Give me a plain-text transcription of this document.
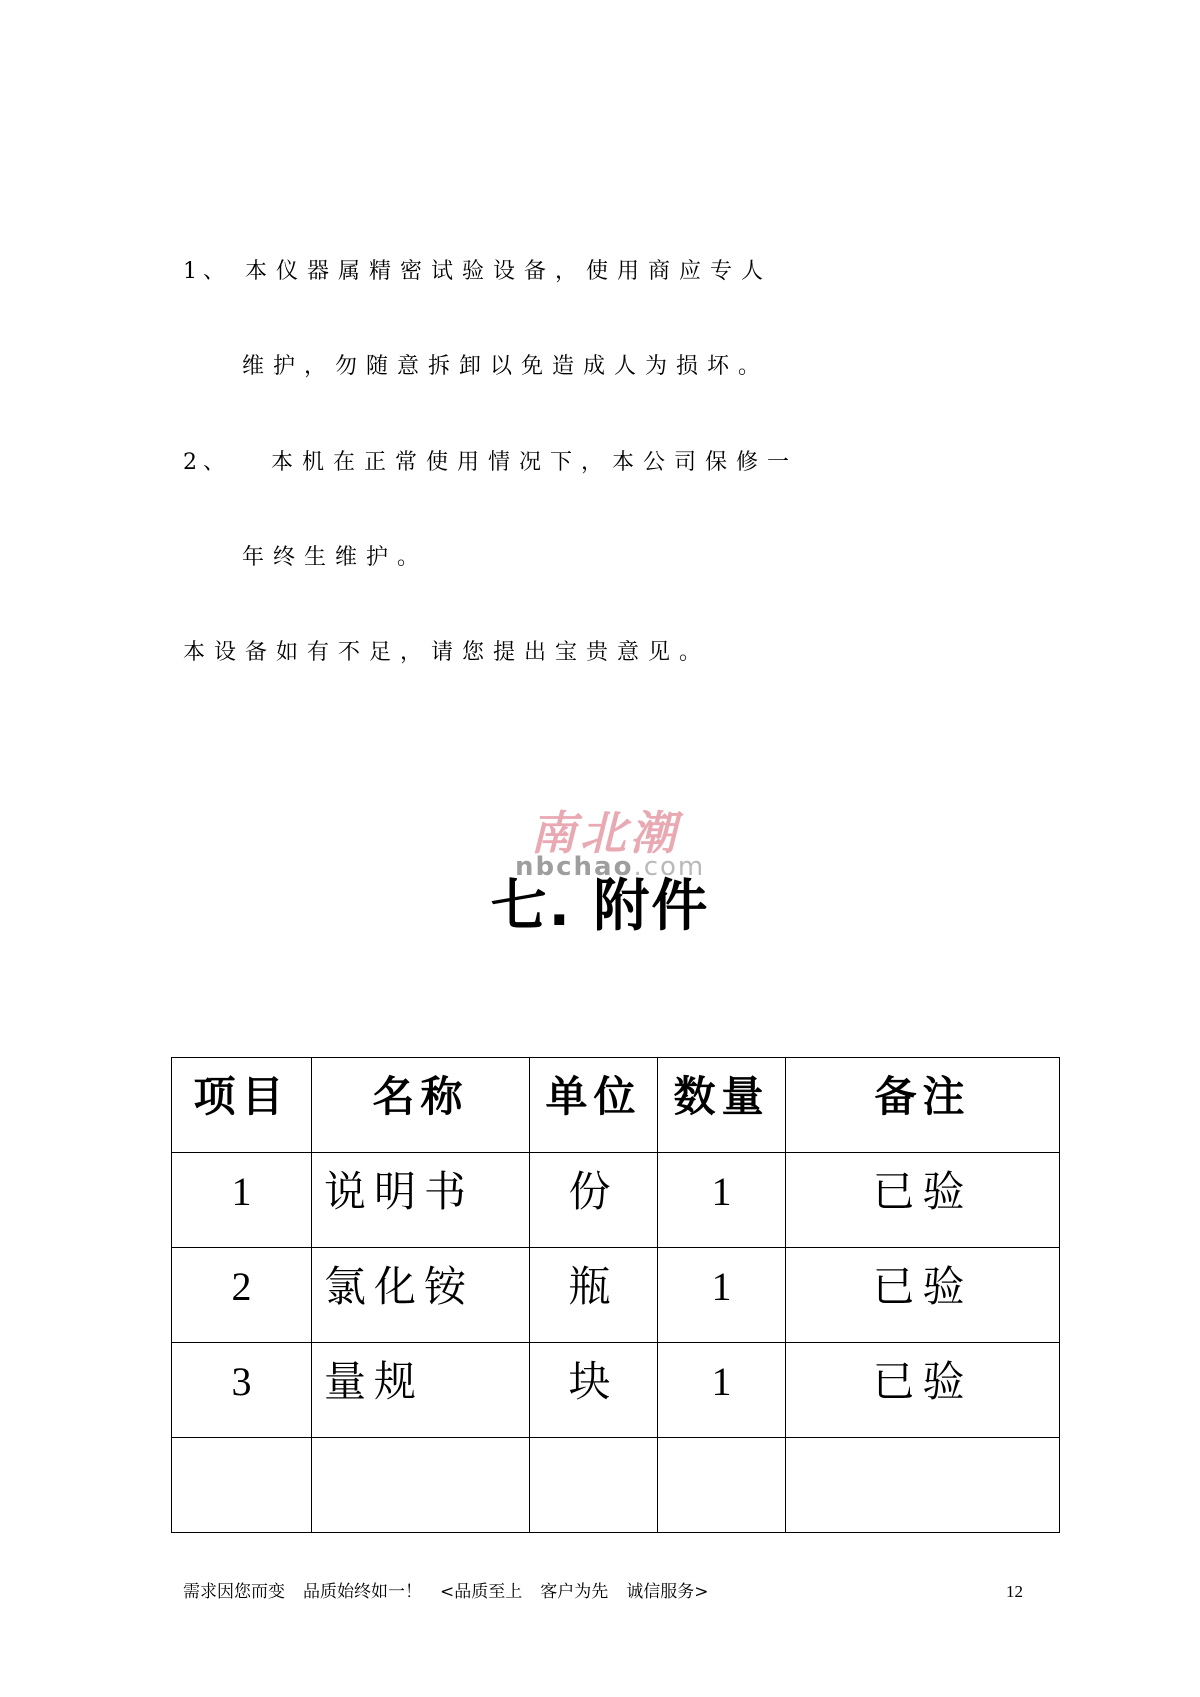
1、 本仪器属精密试验设备，使用商应专人
维护，勿随意拆卸以免造成人为损坏。
2、 本机在正常使用情况下，本公司保修一
年终生维护。
本设备如有不足，请您提出宝贵意见。
南北潮
nbchao.com
七. 附件
项目	名称	单位	数量	备注

1	说明书	份	1	已验

2	氯化铵	瓶	1	已验

3	量规	块	1	已验

需求因您而变 品质始终如一！ <品质至上 客户为先 诚信服务>	12
